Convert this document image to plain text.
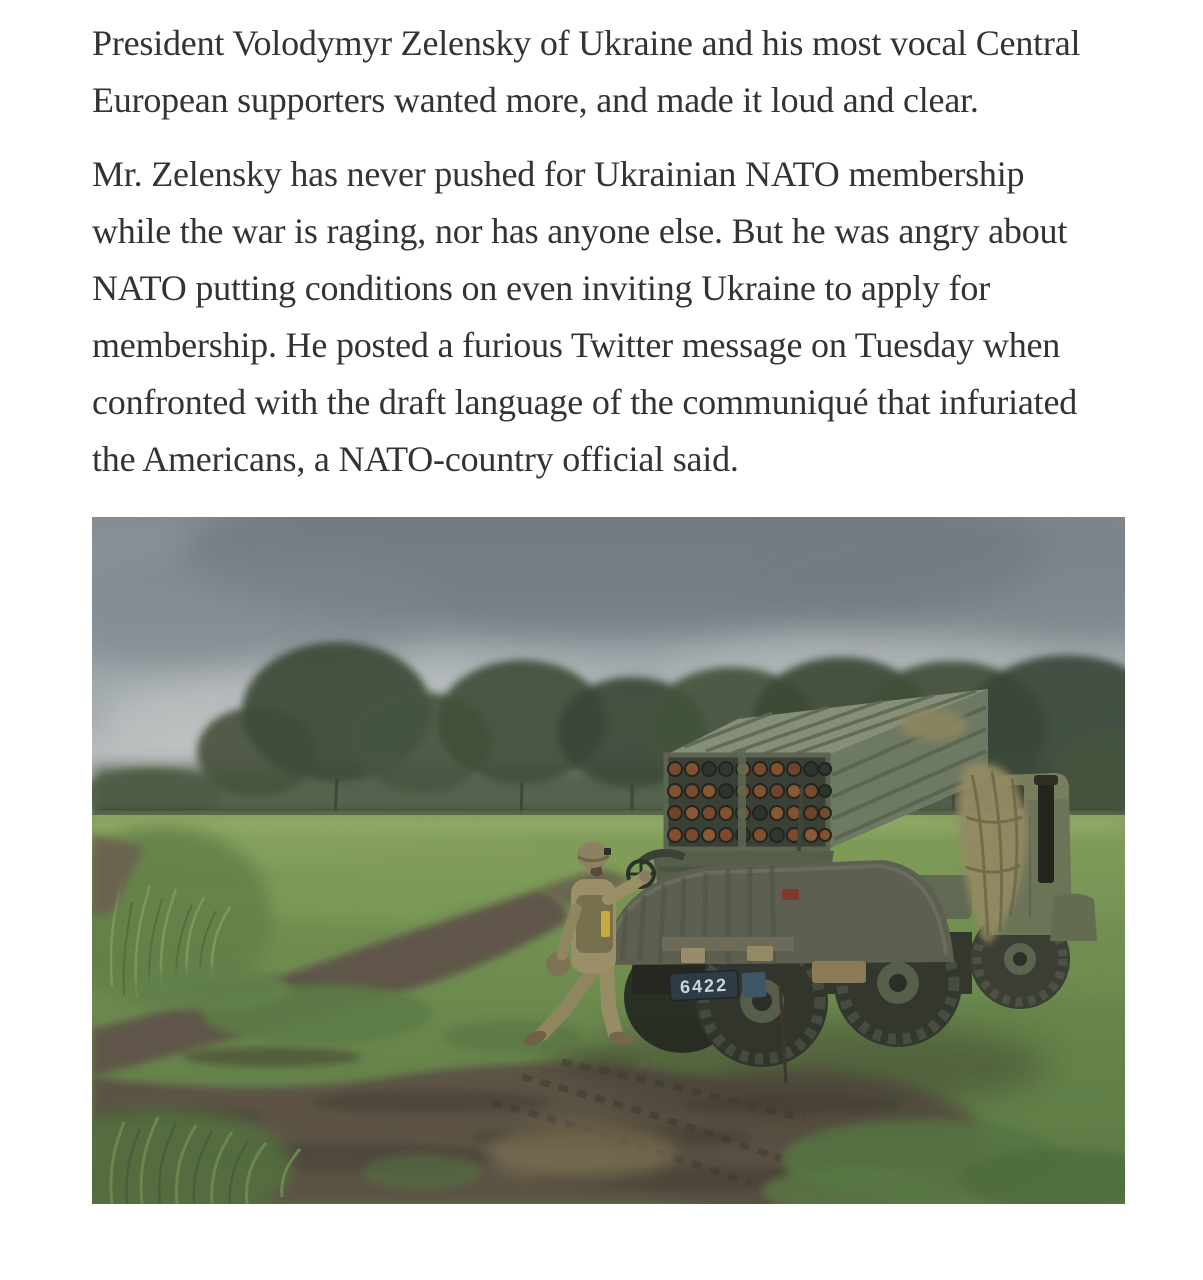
President Volodymyr Zelensky of Ukraine and his most vocal Central European supporters wanted more, and made it loud and clear.

Mr. Zelensky has never pushed for Ukrainian NATO membership while the war is raging, nor has anyone else. But he was angry about NATO putting conditions on even inviting Ukraine to apply for membership. He posted a furious Twitter message on Tuesday when confronted with the draft language of the communiqué that infuriated the Americans, a NATO-country official said.

6422
